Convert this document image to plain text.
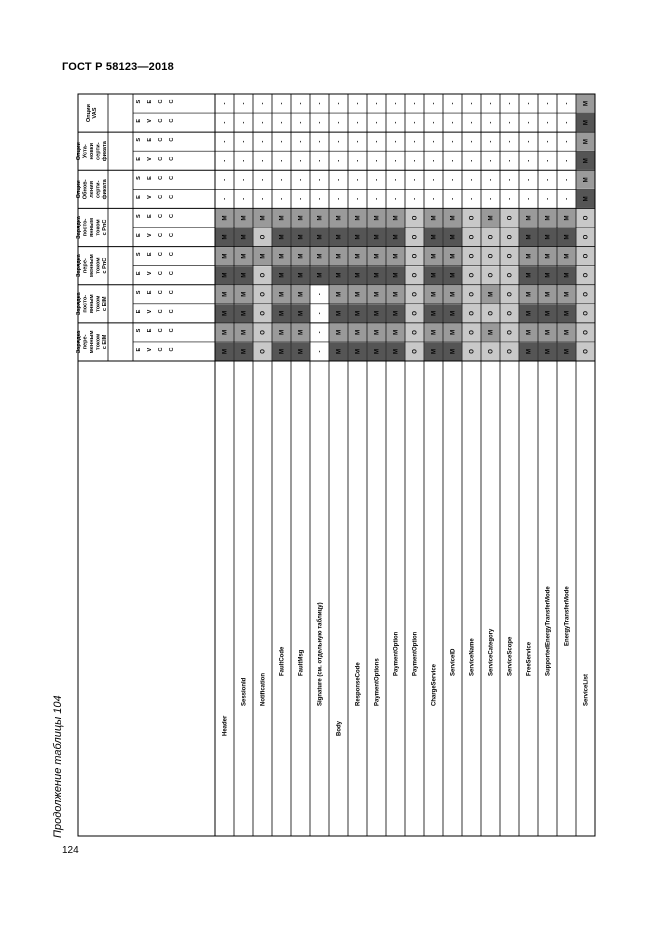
ГОСТ Р 58123—2018
Продолжение таблицы 104
124
Зарядкапере-меннымтокомс EIM
Зарядкапосто-яннымтокомс EIM
Зарядкапере-меннымтокомс PnC
Зарядкапосто-яннымтокомс PnC
ОпцииОбнов-лениясерти-фиката
ОпцииУста-новкисерти-фиката
ОпцииVAS
E V C C
S E C C
E V C C
S E C C
E V C C
S E C C
E V C C
S E C C
E V C C
S E C C
E V C C
S E C C
E V C C
S E C C
Header
SessionId Notification
FaultCode FaultMsg Signature (см. отдельную таблицу)
Body
ResponseCode PaymentOptions
PaymentOption PaymentOption
ChargeService
ServiceID ServiceName ServiceCategory ServiceScope FreeService SupportedEnergyTransferMode EnergyTransferMode
ServiceList
M
M
M
M
M
M
M
M
-
-
-
-
-
-
M
M
M
M
M
M
M
M
-
-
-
-
-
-
O
O
O
O
O
M
O
M
-
-
-
-
-
-
M
M
M
M
M
M
M
M
-
-
-
-
-
-
M
M
M
M
M
M
M
M
-
-
-
-
-
-
-
-
-
-
M
M
M
M
-
-
-
-
-
-
M
M
M
M
M
M
M
M
-
-
-
-
-
-
M
M
M
M
M
M
M
M
-
-
-
-
-
-
M
M
M
M
M
M
M
M
-
-
-
-
-
-
M
M
M
M
M
M
M
M
-
-
-
-
-
-
O
O
O
O
O
O
O
O
-
-
-
-
-
-
M
M
M
M
M
M
M
M
-
-
-
-
-
-
M
M
M
M
M
M
M
M
-
-
-
-
-
-
O
O
O
O
O
O
O
O
-
-
-
-
-
-
O
M
O
M
O
O
O
M
-
-
-
-
-
-
O
O
O
O
O
O
O
O
-
-
-
-
-
-
M
M
M
M
M
M
M
M
-
-
-
-
-
-
M
M
M
M
M
M
M
M
-
-
-
-
-
-
M
M
M
M
M
M
M
M
-
-
-
-
-
-
O
O
O
O
O
O
O
O
M
M
M
M
M
M
